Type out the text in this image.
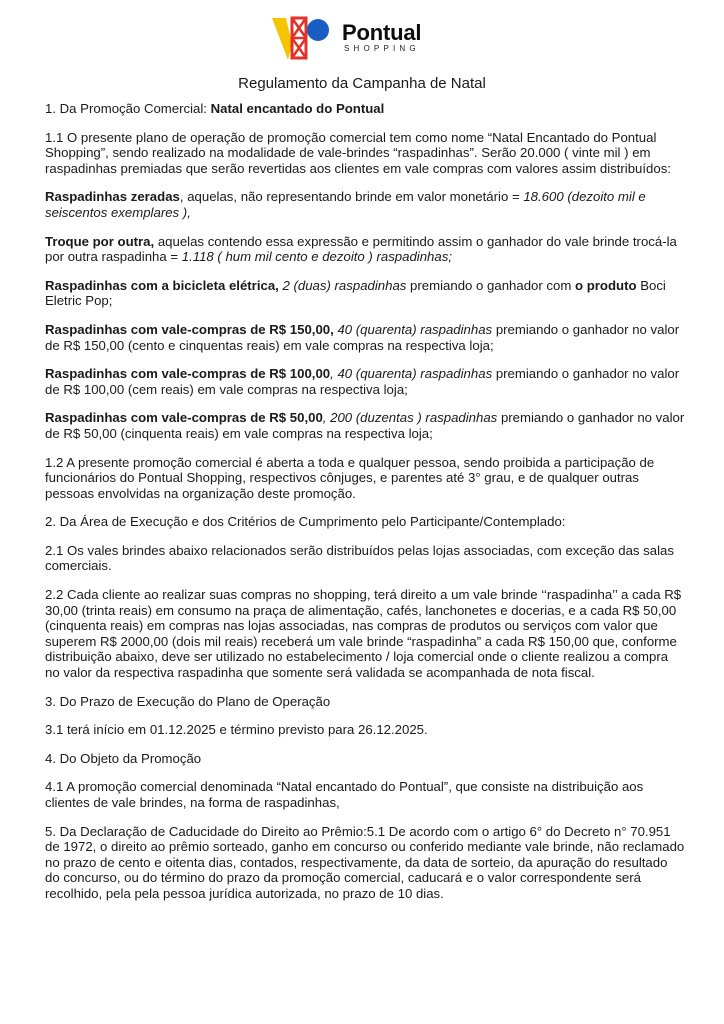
Pontual
SHOPPING
Regulamento da Campanha de Natal

1. Da Promoção Comercial: Natal encantado do Pontual

1.1 O presente plano de operação de promoção comercial tem como nome “Natal Encantado do Pontual Shopping”, sendo realizado na modalidade de vale-brindes “raspadinhas”. Serão 20.000 ( vinte mil ) em raspadinhas premiadas que serão revertidas aos clientes em vale compras com valores assim distribuídos:

Raspadinhas zeradas, aquelas, não representando brinde em valor monetário = 18.600 (dezoito mil e seiscentos exemplares ),

Troque por outra, aquelas contendo essa expressão e permitindo assim o ganhador do vale brinde trocá-la por outra raspadinha = 1.118 ( hum mil cento e dezoito ) raspadinhas;

Raspadinhas com a bicicleta elétrica, 2 (duas) raspadinhas premiando o ganhador com o produto Boci Eletric Pop;

Raspadinhas com vale-compras de R$ 150,00, 40 (quarenta) raspadinhas premiando o ganhador no valor de R$ 150,00 (cento e cinquentas reais) em vale compras na respectiva loja;

Raspadinhas com vale-compras de R$ 100,00, 40 (quarenta) raspadinhas premiando o ganhador no valor de R$ 100,00 (cem reais) em vale compras na respectiva loja;

Raspadinhas com vale-compras de R$ 50,00, 200 (duzentas ) raspadinhas premiando o ganhador no valor de R$ 50,00 (cinquenta reais) em vale compras na respectiva loja;

1.2 A presente promoção comercial é aberta a toda e qualquer pessoa, sendo proibida a participação de funcionários do Pontual Shopping, respectivos cônjuges, e parentes até 3° grau, e de qualquer outras pessoas envolvidas na organização deste promoção.

2. Da Área de Execução e dos Critérios de Cumprimento pelo Participante/Contemplado:

2.1 Os vales brindes abaixo relacionados serão distribuídos pelas lojas associadas, com exceção das salas comerciais.

2.2 Cada cliente ao realizar suas compras no shopping, terá direito a um vale brinde ‘‘raspadinha’’ a cada R$ 30,00 (trinta reais) em consumo na praça de alimentação, cafés, lanchonetes e docerias, e a cada R$ 50,00 (cinquenta reais) em compras nas lojas associadas, nas compras de produtos ou serviços com valor que superem R$ 2000,00 (dois mil reais) receberá um vale brinde “raspadinha” a cada R$ 150,00 que, conforme distribuição abaixo, deve ser utilizado no estabelecimento / loja comercial onde o cliente realizou a compra no valor da respectiva raspadinha que somente será validada se acompanhada de nota fiscal.

3. Do Prazo de Execução do Plano de Operação

3.1 terá início em 01.12.2025 e término previsto para 26.12.2025.

4. Do Objeto da Promoção

4.1 A promoção comercial denominada “Natal encantado do Pontual”, que consiste na distribuição aos clientes de vale brindes, na forma de raspadinhas,

5. Da Declaração de Caducidade do Direito ao Prêmio:5.1 De acordo com o artigo 6° do Decreto n° 70.951 de 1972, o direito ao prêmio sorteado, ganho em concurso ou conferido mediante vale brinde, não reclamado no prazo de cento e oitenta dias, contados, respectivamente, da data de sorteio, da apuração do resultado do concurso, ou do término do prazo da promoção comercial, caducará e o valor correspondente será recolhido, pela pela pessoa jurídica autorizada, no prazo de 10 dias.
